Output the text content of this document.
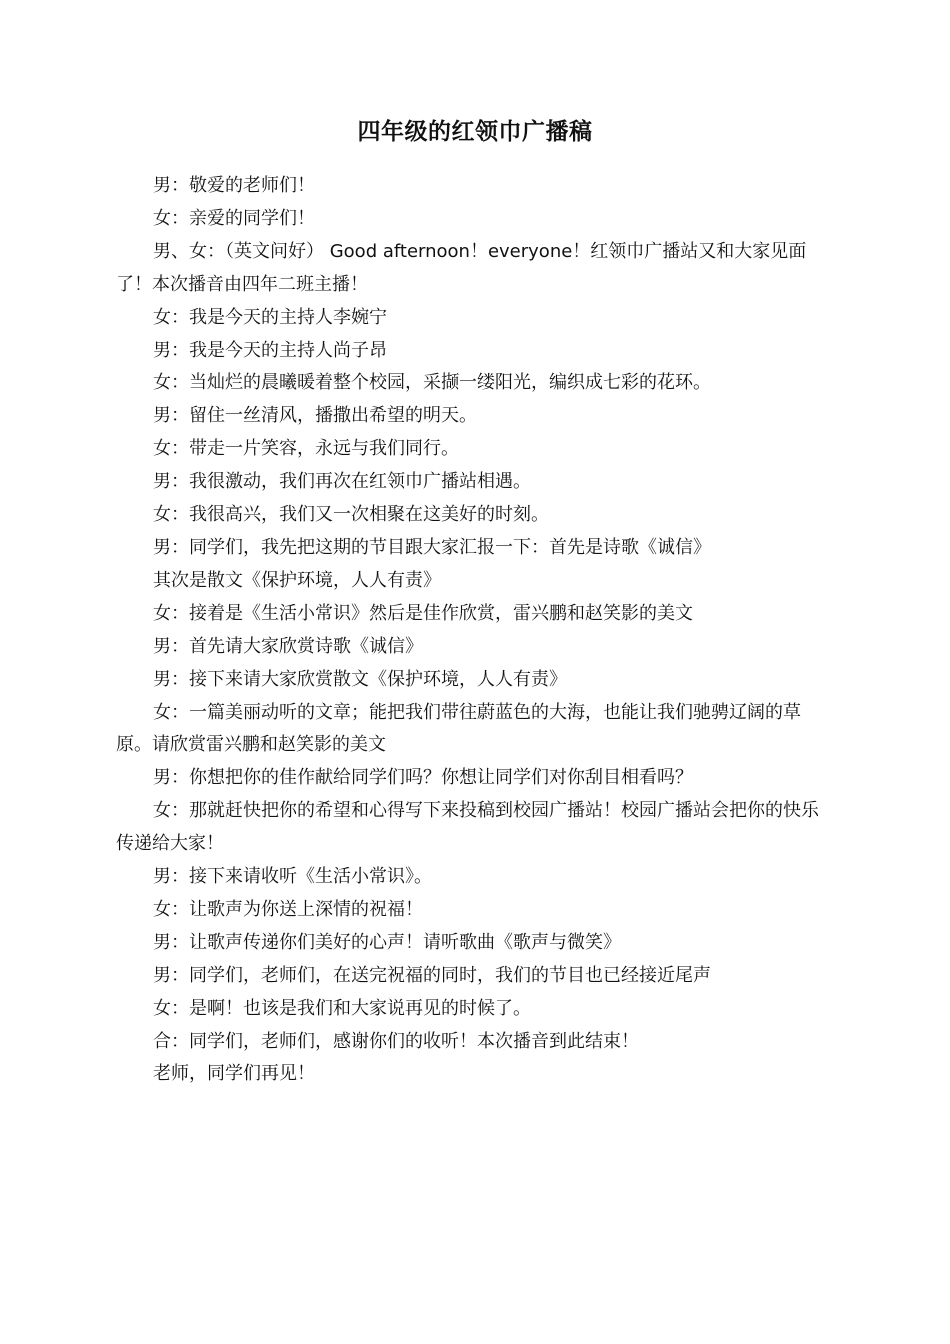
四年级的红领巾广播稿

男：敬爱的老师们！

女：亲爱的同学们！

男、女：（英文问好） Good afternoon！everyone！红领巾广播站又和大家见面了！本次播音由四年二班主播！

女：我是今天的主持人李婉宁

男：我是今天的主持人尚子昂

女：当灿烂的晨曦暖着整个校园，采撷一缕阳光，编织成七彩的花环。

男：留住一丝清风，播撒出希望的明天。

女：带走一片笑容，永远与我们同行。

男：我很激动，我们再次在红领巾广播站相遇。

女：我很高兴，我们又一次相聚在这美好的时刻。

男：同学们，我先把这期的节目跟大家汇报一下：首先是诗歌《诚信》

其次是散文《保护环境，人人有责》

女：接着是《生活小常识》然后是佳作欣赏，雷兴鹏和赵笑影的美文

男：首先请大家欣赏诗歌《诚信》

男：接下来请大家欣赏散文《保护环境，人人有责》

女：一篇美丽动听的文章；能把我们带往蔚蓝色的大海，也能让我们驰骋辽阔的草原。请欣赏雷兴鹏和赵笑影的美文

男：你想把你的佳作献给同学们吗？你想让同学们对你刮目相看吗？

女：那就赶快把你的希望和心得写下来投稿到校园广播站！校园广播站会把你的快乐传递给大家！

男：接下来请收听《生活小常识》。

女：让歌声为你送上深情的祝福！

男：让歌声传递你们美好的心声！请听歌曲《歌声与微笑》

男：同学们，老师们，在送完祝福的同时，我们的节目也已经接近尾声

女：是啊！也该是我们和大家说再见的时候了。

合：同学们，老师们，感谢你们的收听！本次播音到此结束！

老师，同学们再见！
